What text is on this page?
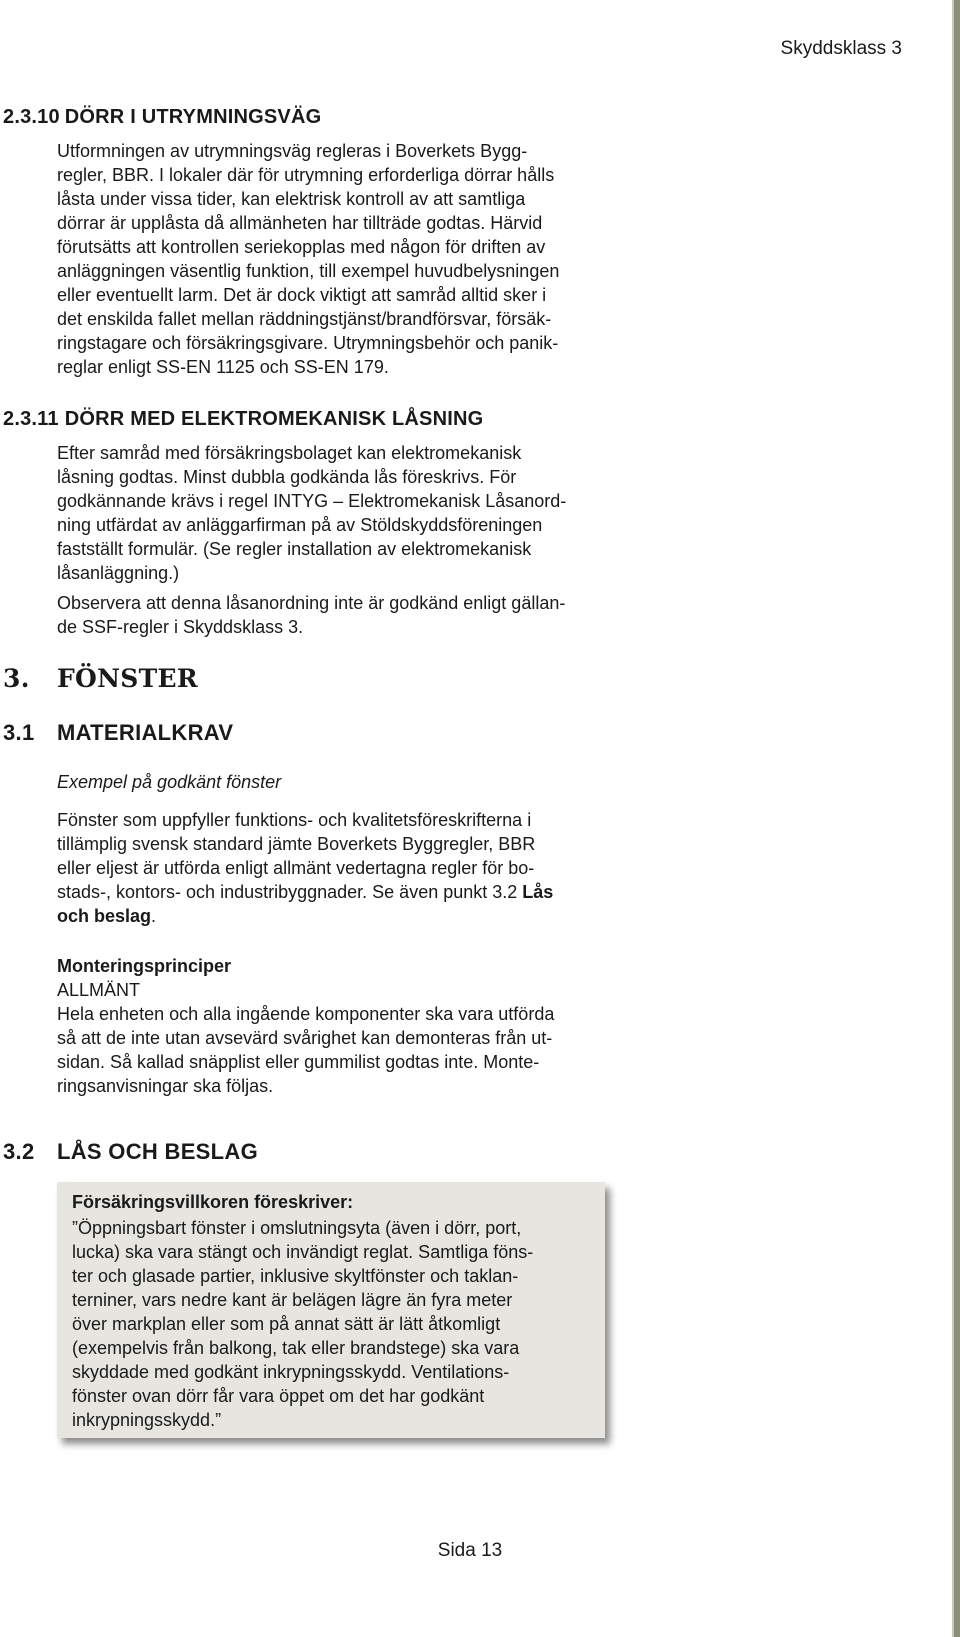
Skyddsklass 3
2.3.10 DÖRR I UTRYMNINGSVÄG
Utformningen av utrymningsväg regleras i Boverkets Bygg-
regler, BBR. I lokaler där för utrymning erforderliga dörrar hålls
låsta under vissa tider, kan elektrisk kontroll av att samtliga
dörrar är upplåsta då allmänheten har tillträde godtas. Härvid
förutsätts att kontrollen seriekopplas med någon för driften av
anläggningen väsentlig funktion, till exempel huvudbelysningen
eller eventuellt larm. Det är dock viktigt att samråd alltid sker i
det enskilda fallet mellan räddningstjänst/brandförsvar, försäk-
ringstagare och försäkringsgivare. Utrymningsbehör och panik-
reglar enligt SS-EN 1125 och SS-EN 179.
2.3.11 DÖRR MED ELEKTROMEKANISK LÅSNING
Efter samråd med försäkringsbolaget kan elektromekanisk
låsning godtas. Minst dubbla godkända lås föreskrivs. För
godkännande krävs i regel INTYG – Elektromekanisk Låsanord-
ning utfärdat av anläggarfirman på av Stöldskyddsföreningen
fastställt formulär. (Se regler installation av elektromekanisk
låsanläggning.)
Observera att denna låsanordning inte är godkänd enligt gällan-
de SSF-regler i Skyddsklass 3.
3. FÖNSTER
3.1 MATERIALKRAV
Exempel på godkänt fönster
Fönster som uppfyller funktions- och kvalitetsföreskrifterna i
tillämplig svensk standard jämte Boverkets Byggregler, BBR
eller eljest är utförda enligt allmänt vedertagna regler för bo-
stads-, kontors- och industribyggnader. Se även punkt 3.2 Lås
och beslag.
Monteringsprinciper
ALLMÄNT
Hela enheten och alla ingående komponenter ska vara utförda
så att de inte utan avsevärd svårighet kan demonteras från ut-
sidan. Så kallad snäpplist eller gummilist godtas inte. Monte-
ringsanvisningar ska följas.
3.2 LÅS OCH BESLAG
Försäkringsvillkoren föreskriver:
”Öppningsbart fönster i omslutningsyta (även i dörr, port,
lucka) ska vara stängt och invändigt reglat. Samtliga föns-
ter och glasade partier, inklusive skyltfönster och taklan-
terniner, vars nedre kant är belägen lägre än fyra meter
över markplan eller som på annat sätt är lätt åtkomligt
(exempelvis från balkong, tak eller brandstege) ska vara
skyddade med godkänt inkrypningsskydd. Ventilations-
fönster ovan dörr får vara öppet om det har godkänt
inkrypningsskydd.”
Sida 13
